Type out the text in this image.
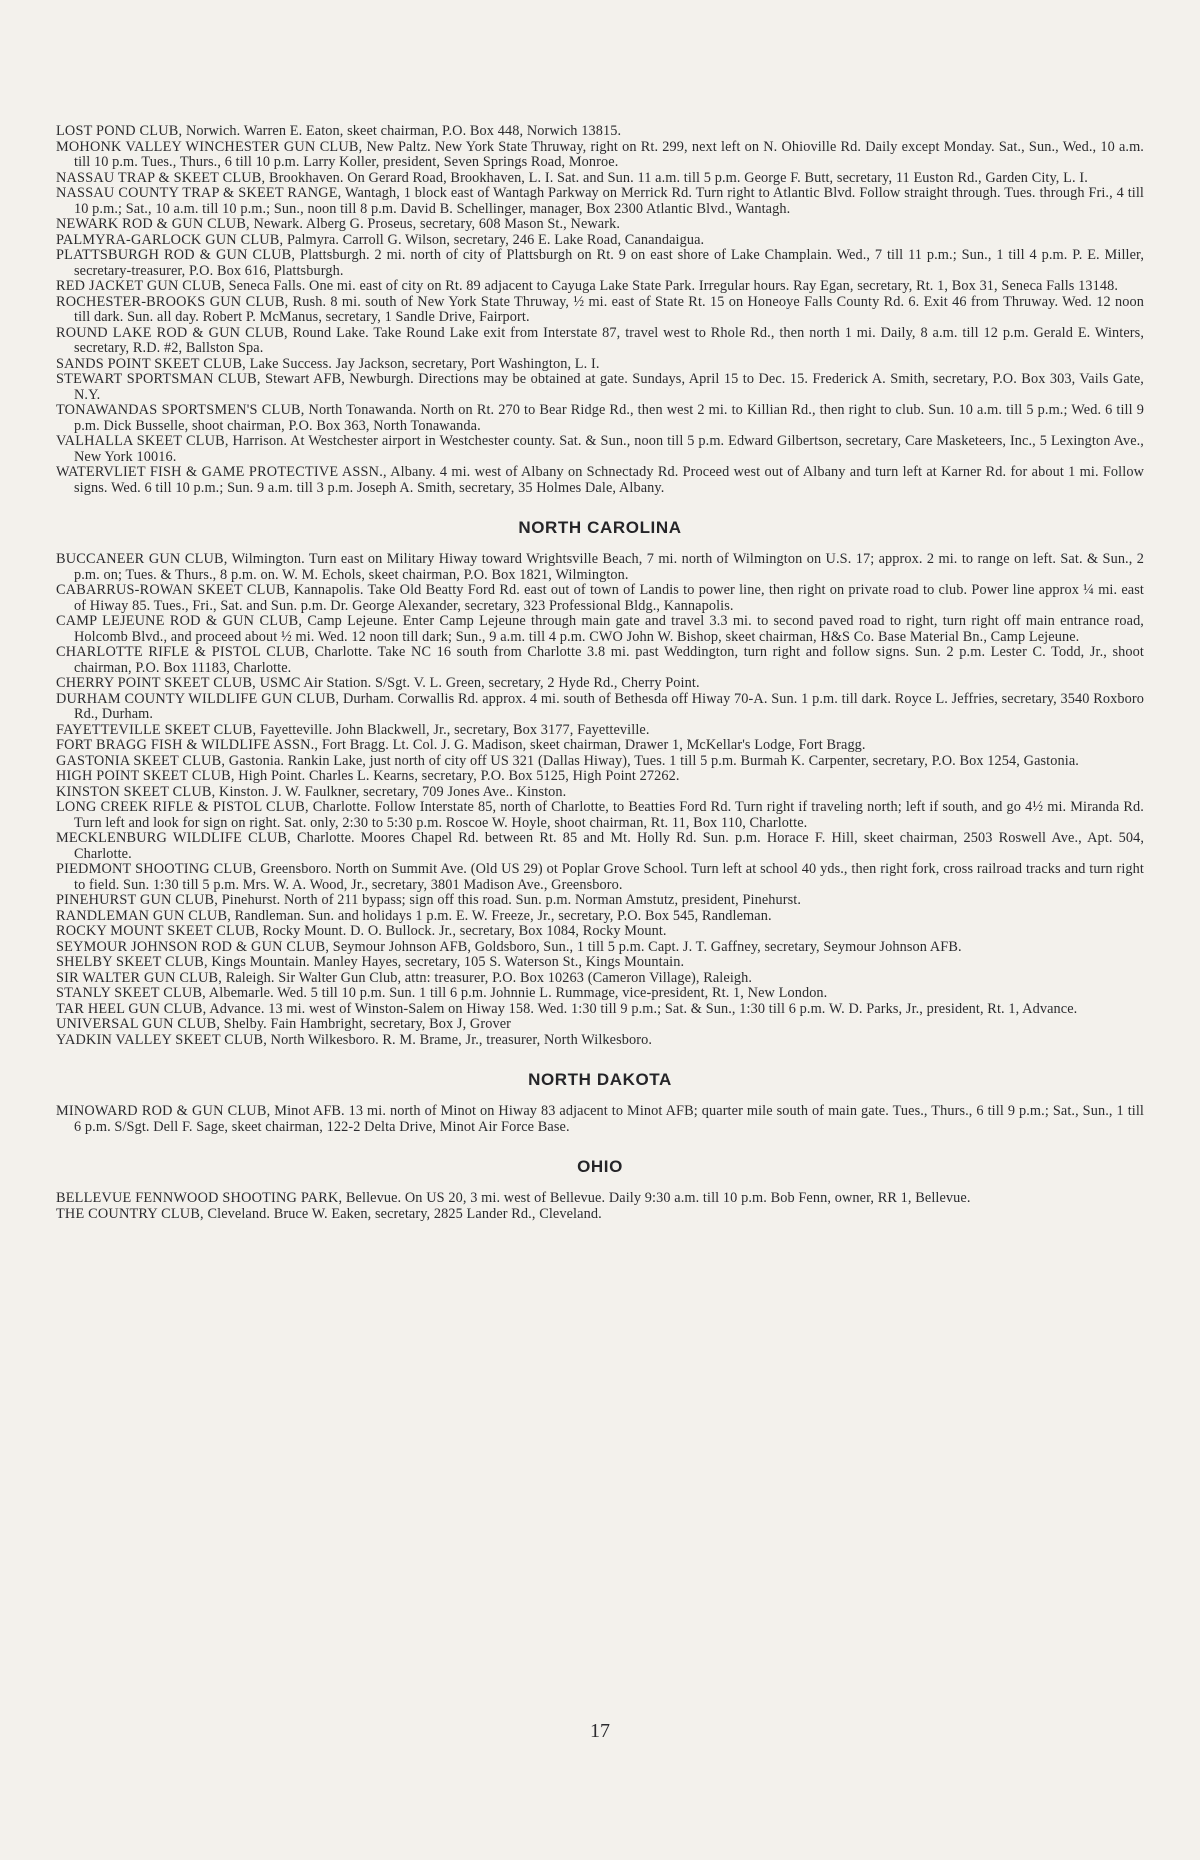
LOST POND CLUB, Norwich. Warren E. Eaton, skeet chairman, P.O. Box 448, Norwich 13815.

MOHONK VALLEY WINCHESTER GUN CLUB, New Paltz. New York State Thruway, right on Rt. 299, next left on N. Ohioville Rd. Daily except Monday. Sat., Sun., Wed., 10 a.m. till 10 p.m. Tues., Thurs., 6 till 10 p.m. Larry Koller, president, Seven Springs Road, Monroe.

NASSAU TRAP & SKEET CLUB, Brookhaven. On Gerard Road, Brookhaven, L. I. Sat. and Sun. 11 a.m. till 5 p.m. George F. Butt, secretary, 11 Euston Rd., Garden City, L. I.

NASSAU COUNTY TRAP & SKEET RANGE, Wantagh, 1 block east of Wantagh Parkway on Merrick Rd. Turn right to Atlantic Blvd. Follow straight through. Tues. through Fri., 4 till 10 p.m.; Sat., 10 a.m. till 10 p.m.; Sun., noon till 8 p.m. David B. Schellinger, manager, Box 2300 Atlantic Blvd., Wantagh.

NEWARK ROD & GUN CLUB, Newark. Alberg G. Proseus, secretary, 608 Mason St., Newark.

PALMYRA-GARLOCK GUN CLUB, Palmyra. Carroll G. Wilson, secretary, 246 E. Lake Road, Canandaigua.

PLATTSBURGH ROD & GUN CLUB, Plattsburgh. 2 mi. north of city of Plattsburgh on Rt. 9 on east shore of Lake Champlain. Wed., 7 till 11 p.m.; Sun., 1 till 4 p.m. P. E. Miller, secretary-treasurer, P.O. Box 616, Plattsburgh.

RED JACKET GUN CLUB, Seneca Falls. One mi. east of city on Rt. 89 adjacent to Cayuga Lake State Park. Irregular hours. Ray Egan, secretary, Rt. 1, Box 31, Seneca Falls 13148.

ROCHESTER-BROOKS GUN CLUB, Rush. 8 mi. south of New York State Thruway, ½ mi. east of State Rt. 15 on Honeoye Falls County Rd. 6. Exit 46 from Thruway. Wed. 12 noon till dark. Sun. all day. Robert P. McManus, secretary, 1 Sandle Drive, Fairport.

ROUND LAKE ROD & GUN CLUB, Round Lake. Take Round Lake exit from Interstate 87, travel west to Rhole Rd., then north 1 mi. Daily, 8 a.m. till 12 p.m. Gerald E. Winters, secretary, R.D. #2, Ballston Spa.

SANDS POINT SKEET CLUB, Lake Success. Jay Jackson, secretary, Port Washington, L. I.

STEWART SPORTSMAN CLUB, Stewart AFB, Newburgh. Directions may be obtained at gate. Sundays, April 15 to Dec. 15. Frederick A. Smith, secretary, P.O. Box 303, Vails Gate, N.Y.

TONAWANDAS SPORTSMEN'S CLUB, North Tonawanda. North on Rt. 270 to Bear Ridge Rd., then west 2 mi. to Killian Rd., then right to club. Sun. 10 a.m. till 5 p.m.; Wed. 6 till 9 p.m. Dick Busselle, shoot chairman, P.O. Box 363, North Tonawanda.

VALHALLA SKEET CLUB, Harrison. At Westchester airport in Westchester county. Sat. & Sun., noon till 5 p.m. Edward Gilbertson, secretary, Care Masketeers, Inc., 5 Lexington Ave., New York 10016.

WATERVLIET FISH & GAME PROTECTIVE ASSN., Albany. 4 mi. west of Albany on Schnectady Rd. Proceed west out of Albany and turn left at Karner Rd. for about 1 mi. Follow signs. Wed. 6 till 10 p.m.; Sun. 9 a.m. till 3 p.m. Joseph A. Smith, secretary, 35 Holmes Dale, Albany.

NORTH CAROLINA

BUCCANEER GUN CLUB, Wilmington. Turn east on Military Hiway toward Wrightsville Beach, 7 mi. north of Wilmington on U.S. 17; approx. 2 mi. to range on left. Sat. & Sun., 2 p.m. on; Tues. & Thurs., 8 p.m. on. W. M. Echols, skeet chairman, P.O. Box 1821, Wilmington.

CABARRUS-ROWAN SKEET CLUB, Kannapolis. Take Old Beatty Ford Rd. east out of town of Landis to power line, then right on private road to club. Power line approx ¼ mi. east of Hiway 85. Tues., Fri., Sat. and Sun. p.m. Dr. George Alexander, secretary, 323 Professional Bldg., Kannapolis.

CAMP LEJEUNE ROD & GUN CLUB, Camp Lejeune. Enter Camp Lejeune through main gate and travel 3.3 mi. to second paved road to right, turn right off main entrance road, Holcomb Blvd., and proceed about ½ mi. Wed. 12 noon till dark; Sun., 9 a.m. till 4 p.m. CWO John W. Bishop, skeet chairman, H&S Co. Base Material Bn., Camp Lejeune.

CHARLOTTE RIFLE & PISTOL CLUB, Charlotte. Take NC 16 south from Charlotte 3.8 mi. past Weddington, turn right and follow signs. Sun. 2 p.m. Lester C. Todd, Jr., shoot chairman, P.O. Box 11183, Charlotte.

CHERRY POINT SKEET CLUB, USMC Air Station. S/Sgt. V. L. Green, secretary, 2 Hyde Rd., Cherry Point.

DURHAM COUNTY WILDLIFE GUN CLUB, Durham. Corwallis Rd. approx. 4 mi. south of Bethesda off Hiway 70-A. Sun. 1 p.m. till dark. Royce L. Jeffries, secretary, 3540 Roxboro Rd., Durham.

FAYETTEVILLE SKEET CLUB, Fayetteville. John Blackwell, Jr., secretary, Box 3177, Fayetteville.

FORT BRAGG FISH & WILDLIFE ASSN., Fort Bragg. Lt. Col. J. G. Madison, skeet chairman, Drawer 1, McKellar's Lodge, Fort Bragg.

GASTONIA SKEET CLUB, Gastonia. Rankin Lake, just north of city off US 321 (Dallas Hiway), Tues. 1 till 5 p.m. Burmah K. Carpenter, secretary, P.O. Box 1254, Gastonia.

HIGH POINT SKEET CLUB, High Point. Charles L. Kearns, secretary, P.O. Box 5125, High Point 27262.

KINSTON SKEET CLUB, Kinston. J. W. Faulkner, secretary, 709 Jones Ave.. Kinston.

LONG CREEK RIFLE & PISTOL CLUB, Charlotte. Follow Interstate 85, north of Charlotte, to Beatties Ford Rd. Turn right if traveling north; left if south, and go 4½ mi. Miranda Rd. Turn left and look for sign on right. Sat. only, 2:30 to 5:30 p.m. Roscoe W. Hoyle, shoot chairman, Rt. 11, Box 110, Charlotte.

MECKLENBURG WILDLIFE CLUB, Charlotte. Moores Chapel Rd. between Rt. 85 and Mt. Holly Rd. Sun. p.m. Horace F. Hill, skeet chairman, 2503 Roswell Ave., Apt. 504, Charlotte.

PIEDMONT SHOOTING CLUB, Greensboro. North on Summit Ave. (Old US 29) ot Poplar Grove School. Turn left at school 40 yds., then right fork, cross railroad tracks and turn right to field. Sun. 1:30 till 5 p.m. Mrs. W. A. Wood, Jr., secretary, 3801 Madison Ave., Greensboro.

PINEHURST GUN CLUB, Pinehurst. North of 211 bypass; sign off this road. Sun. p.m. Norman Amstutz, president, Pinehurst.

RANDLEMAN GUN CLUB, Randleman. Sun. and holidays 1 p.m. E. W. Freeze, Jr., secretary, P.O. Box 545, Randleman.

ROCKY MOUNT SKEET CLUB, Rocky Mount. D. O. Bullock. Jr., secretary, Box 1084, Rocky Mount.

SEYMOUR JOHNSON ROD & GUN CLUB, Seymour Johnson AFB, Goldsboro, Sun., 1 till 5 p.m. Capt. J. T. Gaffney, secretary, Seymour Johnson AFB.

SHELBY SKEET CLUB, Kings Mountain. Manley Hayes, secretary, 105 S. Waterson St., Kings Mountain.

SIR WALTER GUN CLUB, Raleigh. Sir Walter Gun Club, attn: treasurer, P.O. Box 10263 (Cameron Village), Raleigh.

STANLY SKEET CLUB, Albemarle. Wed. 5 till 10 p.m. Sun. 1 till 6 p.m. Johnnie L. Rummage, vice-president, Rt. 1, New London.

TAR HEEL GUN CLUB, Advance. 13 mi. west of Winston-Salem on Hiway 158. Wed. 1:30 till 9 p.m.; Sat. & Sun., 1:30 till 6 p.m. W. D. Parks, Jr., president, Rt. 1, Advance.

UNIVERSAL GUN CLUB, Shelby. Fain Hambright, secretary, Box J, Grover

YADKIN VALLEY SKEET CLUB, North Wilkesboro. R. M. Brame, Jr., treasurer, North Wilkesboro.

NORTH DAKOTA

MINOWARD ROD & GUN CLUB, Minot AFB. 13 mi. north of Minot on Hiway 83 adjacent to Minot AFB; quarter mile south of main gate. Tues., Thurs., 6 till 9 p.m.; Sat., Sun., 1 till 6 p.m. S/Sgt. Dell F. Sage, skeet chairman, 122-2 Delta Drive, Minot Air Force Base.

OHIO

BELLEVUE FENNWOOD SHOOTING PARK, Bellevue. On US 20, 3 mi. west of Bellevue. Daily 9:30 a.m. till 10 p.m. Bob Fenn, owner, RR 1, Bellevue.

THE COUNTRY CLUB, Cleveland. Bruce W. Eaken, secretary, 2825 Lander Rd., Cleveland.

17
